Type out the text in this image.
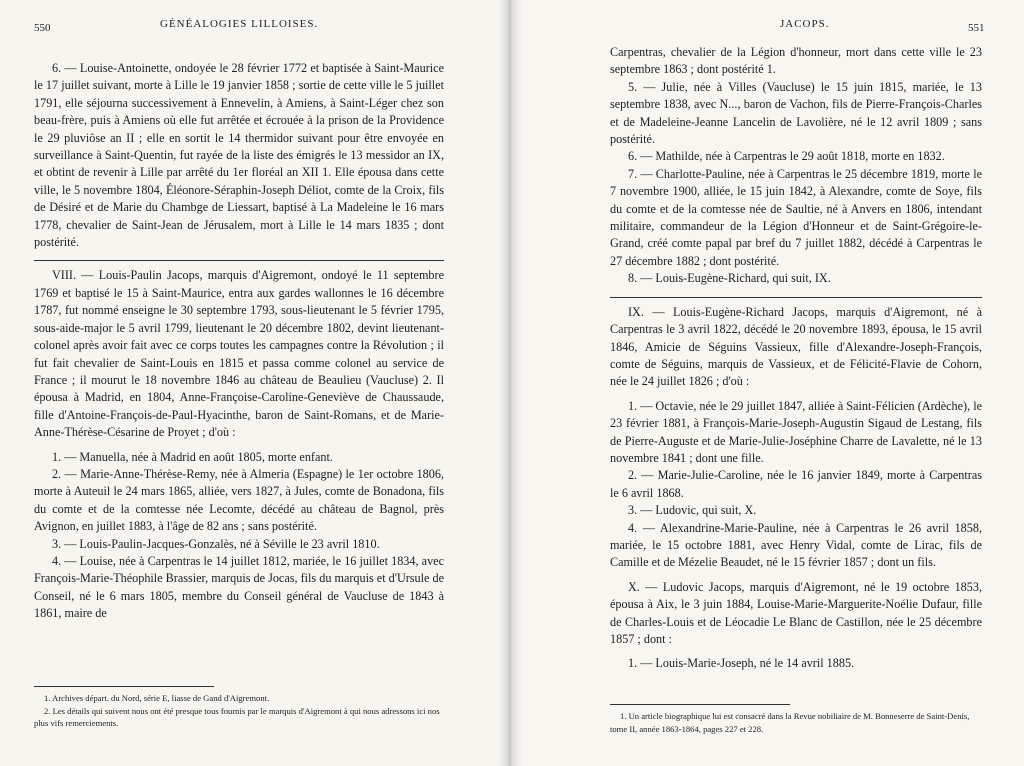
GÉNÉALOGIES LILLOISES.
550

6. — Louise-Antoinette, ondoyée le 28 février 1772 et baptisée à Saint-Maurice le 17 juillet suivant, morte à Lille le 19 janvier 1858 ; sortie de cette ville le 5 juillet 1791, elle séjourna successivement à Ennevelin, à Amiens, à Saint-Léger chez son beau-frère, puis à Amiens où elle fut arrêtée et écrouée à la prison de la Providence le 29 pluviôse an II ; elle en sortit le 14 thermidor suivant pour être envoyée en surveillance à Saint-Quentin, fut rayée de la liste des émigrés le 13 messidor an IX, et obtint de revenir à Lille par arrêté du 1er floréal an XII 1. Elle épousa dans cette ville, le 5 novembre 1804, Éléonore-Séraphin-Joseph Déliot, comte de la Croix, fils de Désiré et de Marie du Chambge de Liessart, baptisé à La Madeleine le 16 mars 1778, chevalier de Saint-Jean de Jérusalem, mort à Lille le 14 mars 1835 ; dont postérité.

VIII. — Louis-Paulin Jacops, marquis d'Aigremont, ondoyé le 11 septembre 1769 et baptisé le 15 à Saint-Maurice, entra aux gardes wallonnes le 16 décembre 1787, fut nommé enseigne le 30 septembre 1793, sous-lieutenant le 5 février 1795, sous-aide-major le 5 avril 1799, lieutenant le 20 décembre 1802, devint lieutenant-colonel après avoir fait avec ce corps toutes les campagnes contre la Révolution ; il fut fait chevalier de Saint-Louis en 1815 et passa comme colonel au service de France ; il mourut le 18 novembre 1846 au château de Beaulieu (Vaucluse) 2. Il épousa à Madrid, en 1804, Anne-Françoise-Caroline-Geneviève de Chaussaude, fille d'Antoine-François-de-Paul-Hyacinthe, baron de Saint-Romans, et de Marie-Anne-Thérèse-Césarine de Proyet ; d'où :

1. — Manuella, née à Madrid en août 1805, morte enfant.

2. — Marie-Anne-Thérèse-Remy, née à Almeria (Espagne) le 1er octobre 1806, morte à Auteuil le 24 mars 1865, alliée, vers 1827, à Jules, comte de Bonadona, fils du comte et de la comtesse née Lecomte, décédé au château de Bagnol, près Avignon, en juillet 1883, à l'âge de 82 ans ; sans postérité.

3. — Louis-Paulin-Jacques-Gonzalès, né à Séville le 23 avril 1810.

4. — Louise, née à Carpentras le 14 juillet 1812, mariée, le 16 juillet 1834, avec François-Marie-Théophile Brassier, marquis de Jocas, fils du marquis et d'Ursule de Conseil, né le 6 mars 1805, membre du Conseil général de Vaucluse de 1843 à 1861, maire de

1. Archives départ. du Nord, série E, liasse de Gand d'Aigremont.
2. Les détails qui suivent nous ont été presque tous fournis par le marquis d'Aigremont à qui nous adressons ici nos plus vifs remerciements.
JACOPS.	551

Carpentras, chevalier de la Légion d'honneur, mort dans cette ville le 23 septembre 1863 ; dont postérité 1.

5. — Julie, née à Villes (Vaucluse) le 15 juin 1815, mariée, le 13 septembre 1838, avec N..., baron de Vachon, fils de Pierre-François-Charles et de Madeleine-Jeanne Lancelin de Lavolière, né le 12 avril 1809 ; sans postérité.

6. — Mathilde, née à Carpentras le 29 août 1818, morte en 1832.

7. — Charlotte-Pauline, née à Carpentras le 25 décembre 1819, morte le 7 novembre 1900, alliée, le 15 juin 1842, à Alexandre, comte de Soye, fils du comte et de la comtesse née de Saultie, né à Anvers en 1806, intendant militaire, commandeur de la Légion d'Honneur et de Saint-Grégoire-le-Grand, créé comte papal par bref du 7 juillet 1882, décédé à Carpentras le 27 décembre 1882 ; dont postérité.

8. — Louis-Eugène-Richard, qui suit, IX.

IX. — Louis-Eugène-Richard Jacops, marquis d'Aigremont, né à Carpentras le 3 avril 1822, décédé le 20 novembre 1893, épousa, le 15 avril 1846, Amicie de Séguins Vassieux, fille d'Alexandre-Joseph-François, comte de Séguins, marquis de Vassieux, et de Félicité-Flavie de Cohorn, née le 24 juillet 1826 ; d'où :

1. — Octavie, née le 29 juillet 1847, alliée à Saint-Félicien (Ardèche), le 23 février 1881, à François-Marie-Joseph-Augustin Sigaud de Lestang, fils de Pierre-Auguste et de Marie-Julie-Joséphine Charre de Lavalette, né le 13 novembre 1841 ; dont une fille.

2. — Marie-Julie-Caroline, née le 16 janvier 1849, morte à Carpentras le 6 avril 1868.

3. — Ludovic, qui suit, X.

4. — Alexandrine-Marie-Pauline, née à Carpentras le 26 avril 1858, mariée, le 15 octobre 1881, avec Henry Vidal, comte de Lirac, fils de Camille et de Mézelie Beaudet, né le 15 février 1857 ; dont un fils.

X. — Ludovic Jacops, marquis d'Aigremont, né le 19 octobre 1853, épousa à Aix, le 3 juin 1884, Louise-Marie-Marguerite-Noélie Dufaur, fille de Charles-Louis et de Léocadie Le Blanc de Castillon, née le 25 décembre 1857 ; dont :

1. — Louis-Marie-Joseph, né le 14 avril 1885.

1. Un article biographique lui est consacré dans la Revue nobiliaire de M. Bonneserre de Saint-Denis, tome II, année 1863-1864, pages 227 et 228.
